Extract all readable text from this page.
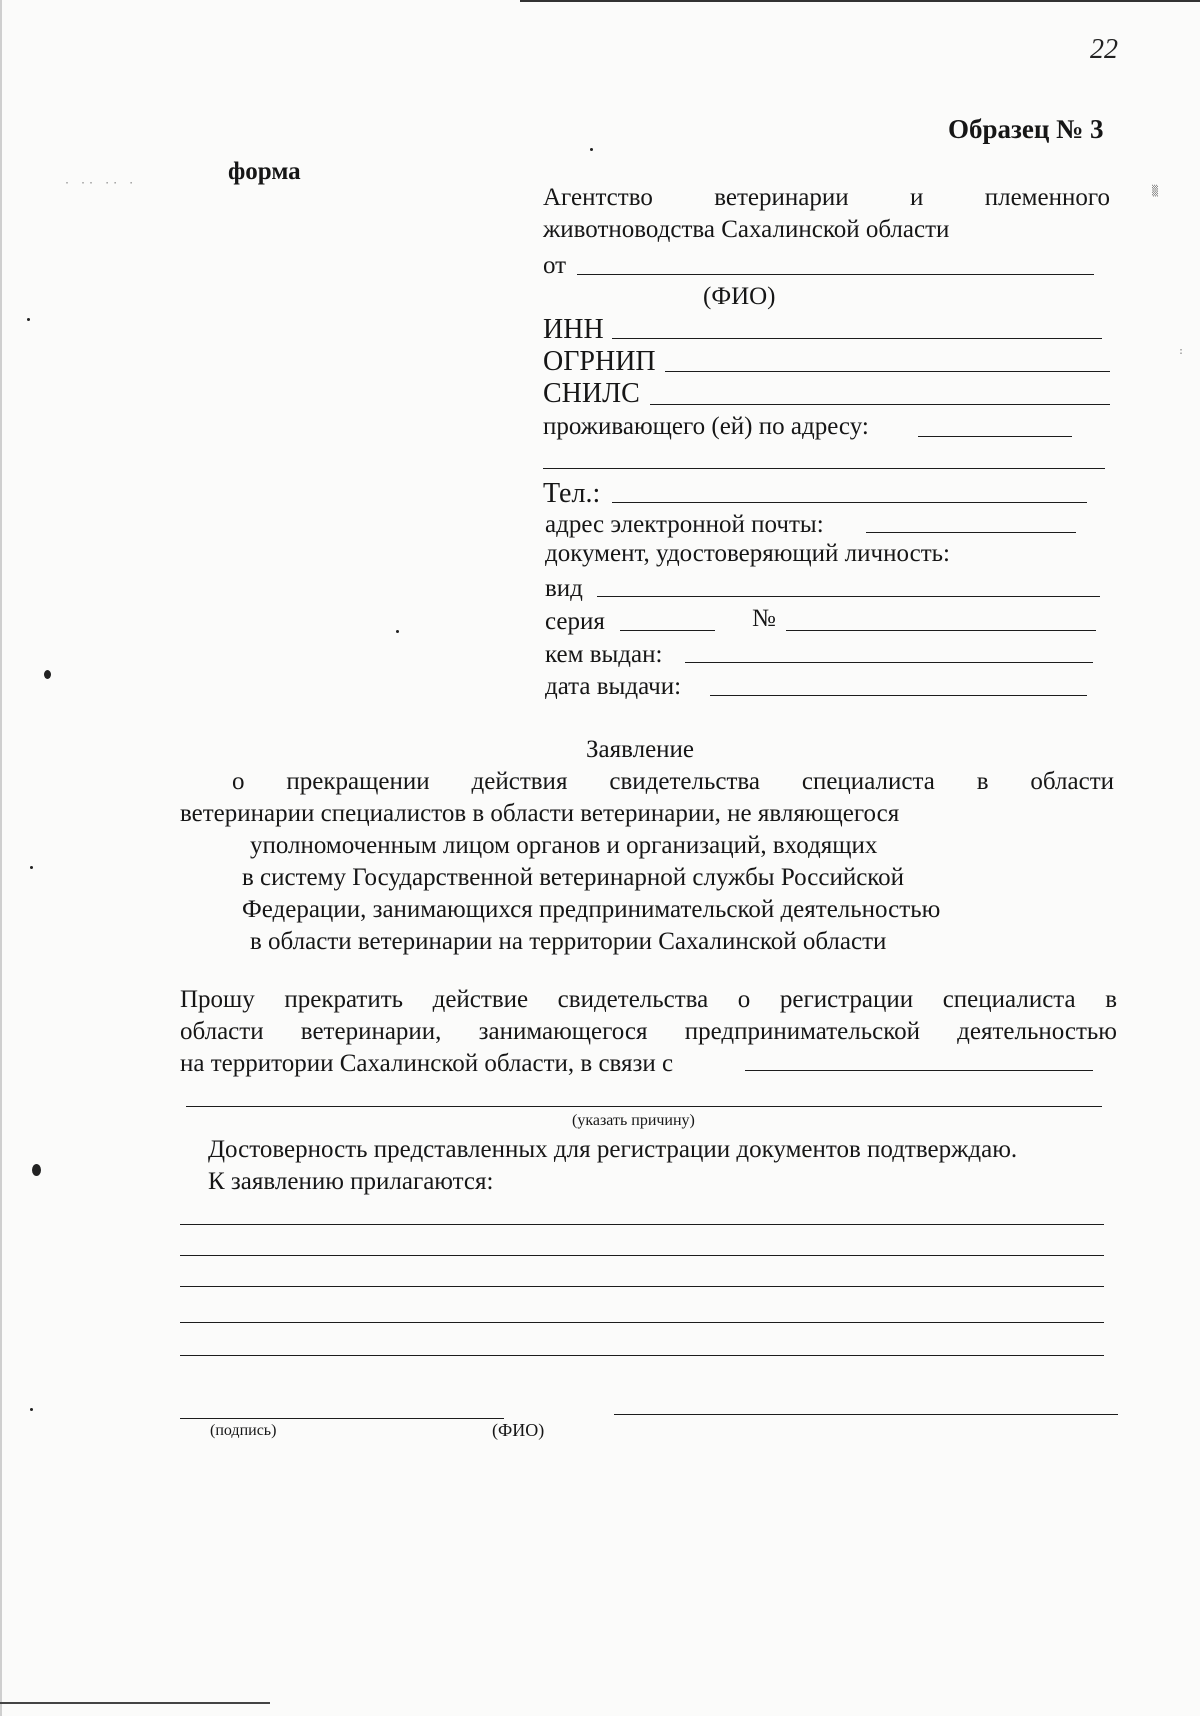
· ·· ·· ·
▒
:
22
Образец № 3
форма
Агентство ветеринарии и племенного
животноводства Сахалинской области
от
(ФИО)
ИНН
ОГРНИП
СНИЛС
проживающего (ей) по адресу:
Тел.:
адрес электронной почты:
документ, удостоверяющий личность:
вид
серия	№
кем выдан:
дата выдачи:
Заявление
о прекращении действия свидетельства специалиста в области
ветеринарии специалистов в области ветеринарии, не являющегося
уполномоченным лицом органов и организаций, входящих
в систему Государственной ветеринарной службы Российской
Федерации, занимающихся предпринимательской деятельностью
в области ветеринарии на территории Сахалинской области
Прошу прекратить действие свидетельства о регистрации специалиста в
области ветеринарии, занимающегося предпринимательской деятельностью
на территории Сахалинской области, в связи с
(указать причину)
Достоверность представленных для регистрации документов подтверждаю.
К заявлению прилагаются:
(подпись)	(ФИО)
